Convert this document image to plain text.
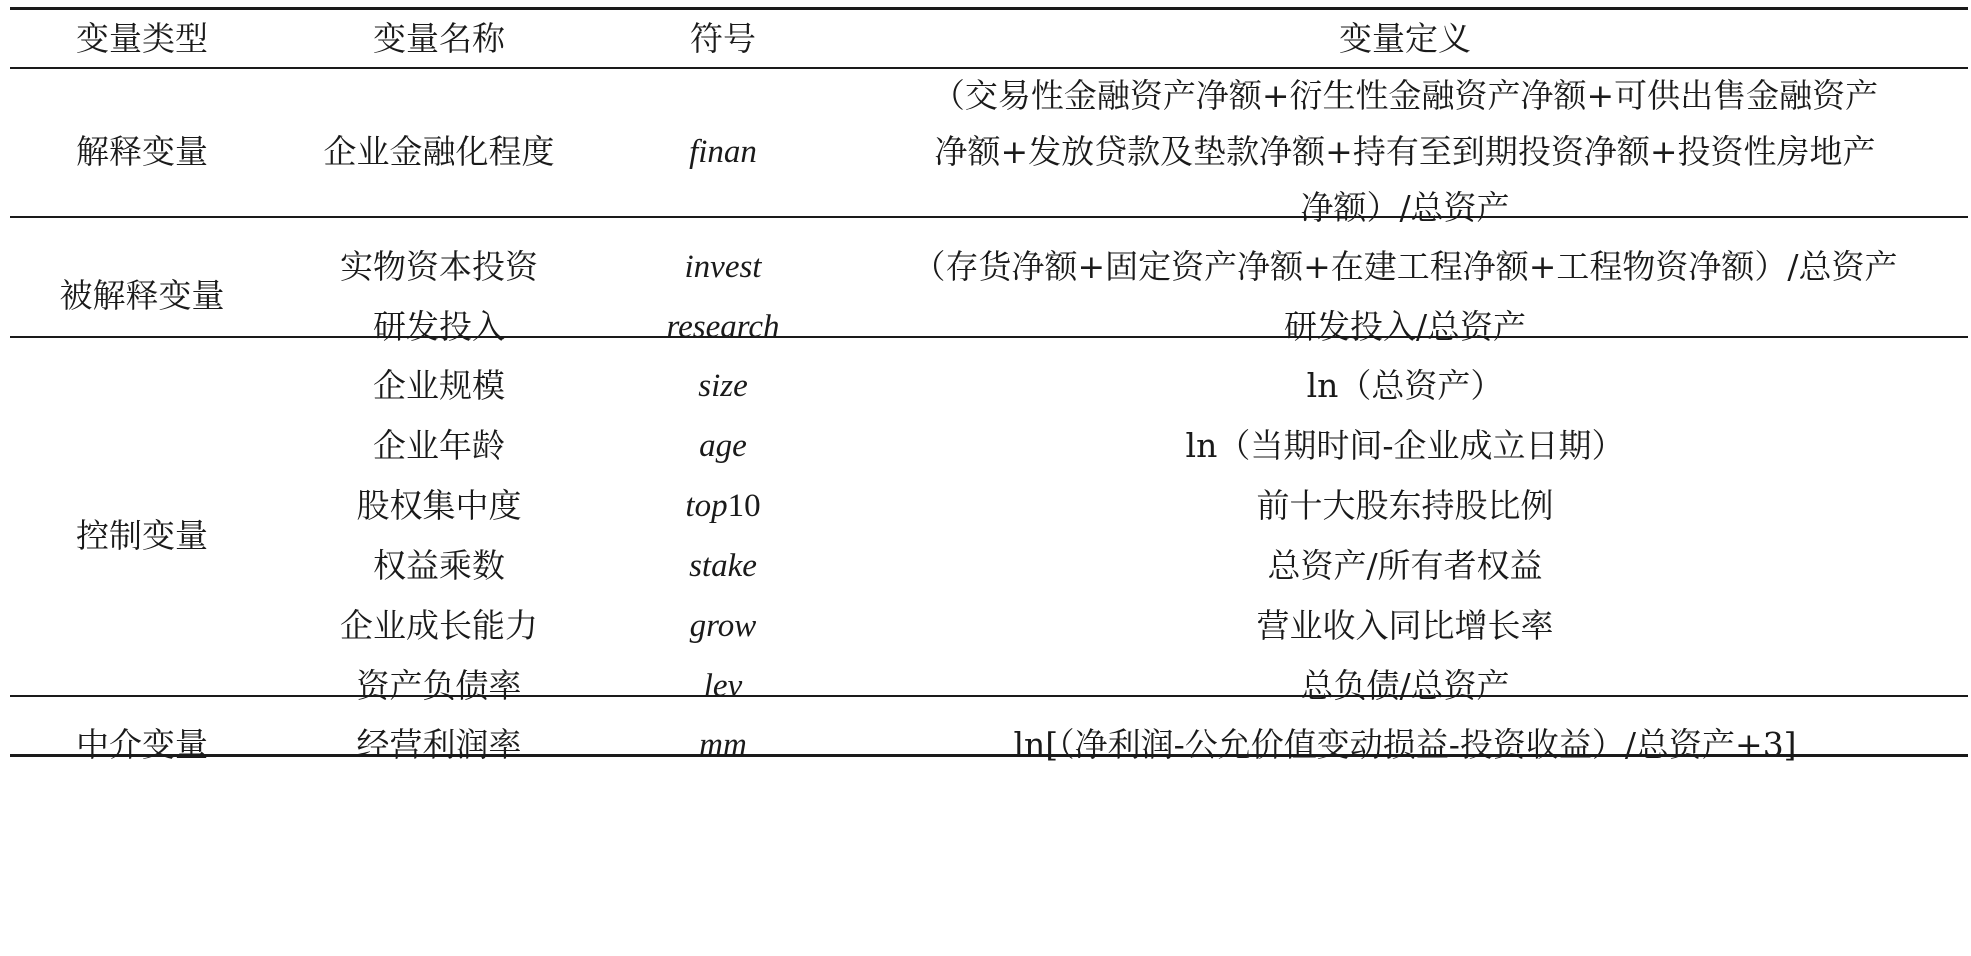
变量类型	变量名称	符号	变量定义
解释变量	企业金融化程度	finan	（交易性金融资产净额+衍生性金融资产净额+可供出售金融资产
净额+发放贷款及垫款净额+持有至到期投资净额+投资性房地产
净额）/总资产

被解释变量	实物资本投资	invest	（存货净额+固定资产净额+在建工程净额+工程物资净额）/总资产
	研发投入	research	研发投入/总资产
控制变量	企业规模	size	ln（总资产）
	企业年龄	age	ln（当期时间-企业成立日期）
	股权集中度	top10	前十大股东持股比例
	权益乘数	stake	总资产/所有者权益
	企业成长能力	grow	营业收入同比增长率
	资产负债率	lev	总负债/总资产
中介变量	经营利润率	mm	ln[（净利润-公允价值变动损益-投资收益）/总资产+3]
